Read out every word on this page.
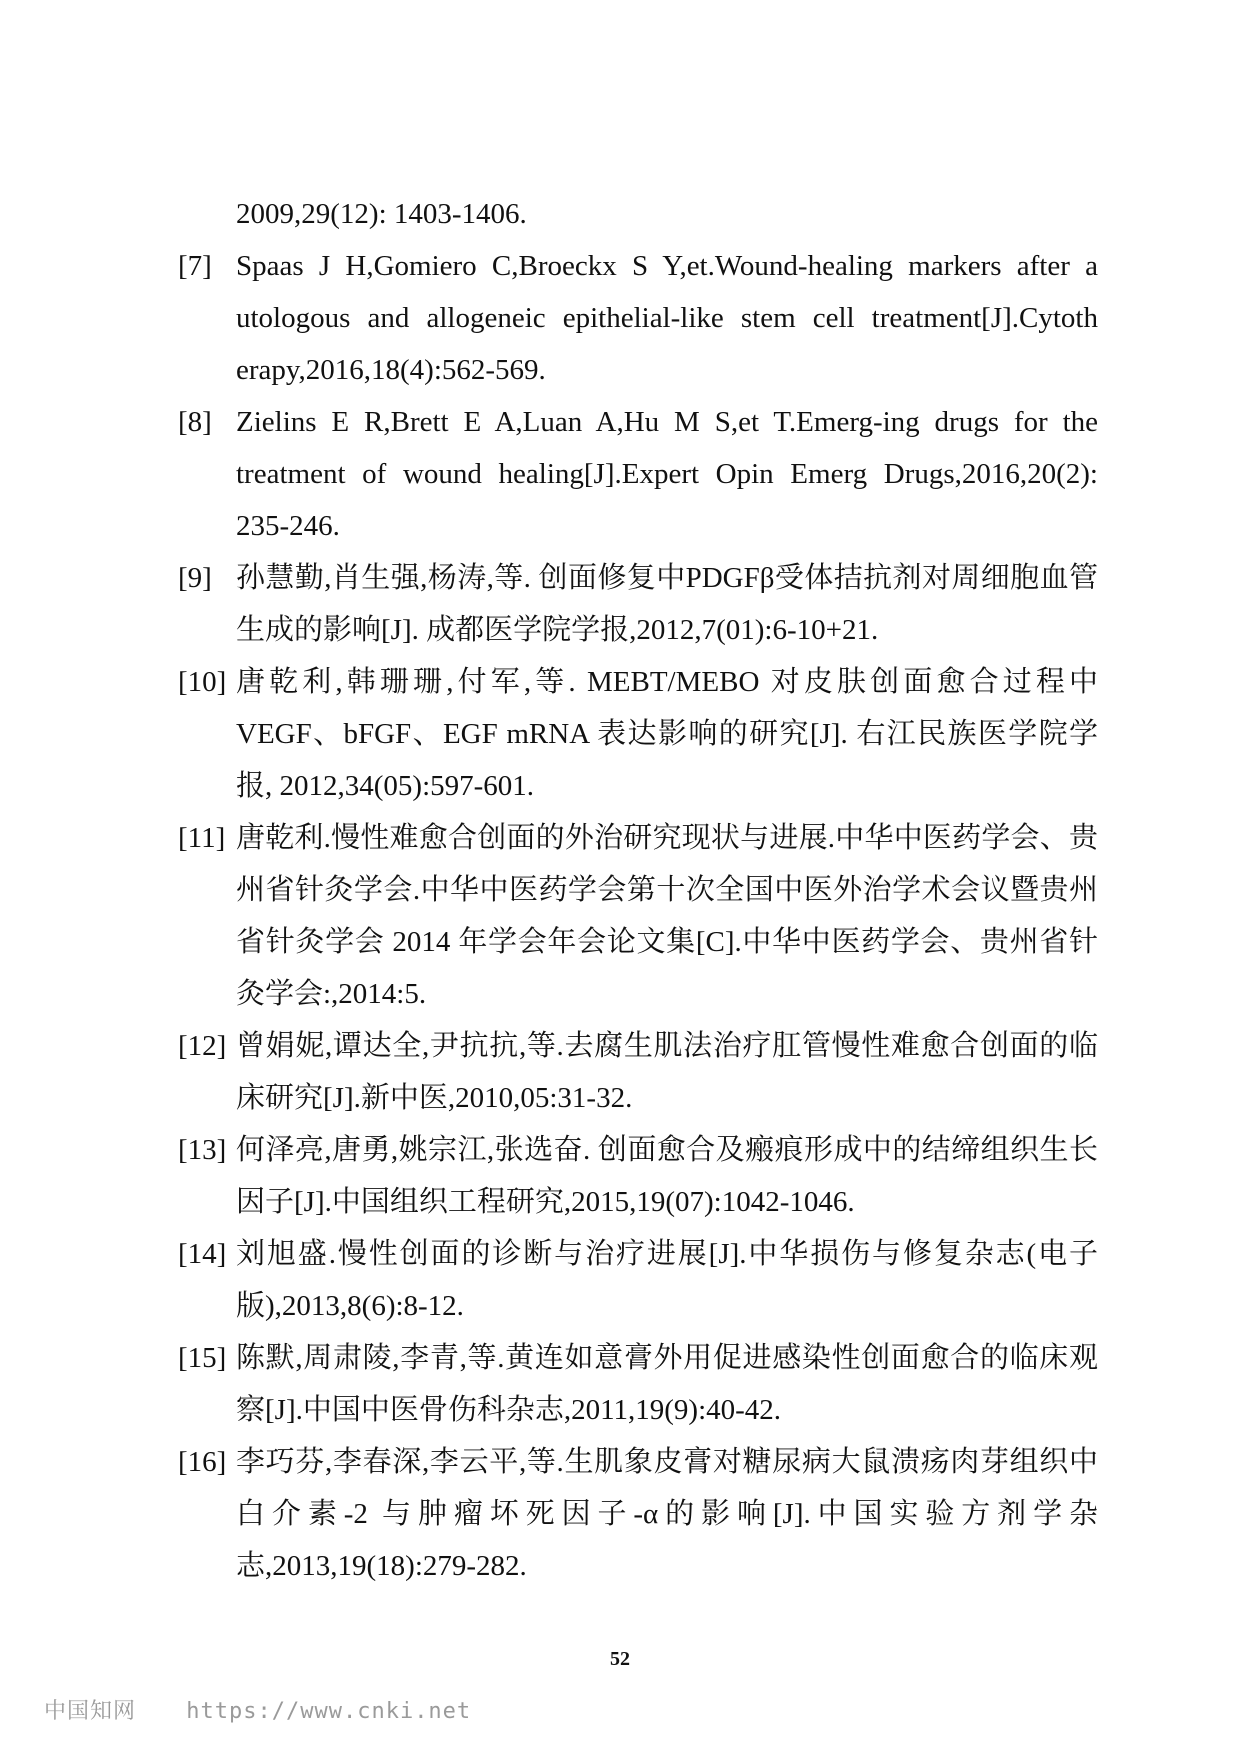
2009,29(12): 1403-1406.

[7] Spaas J H,Gomiero C,Broeckx S Y,et.Wound-healing markers after a utologous and allogeneic epithelial-like stem cell treatment[J].Cytoth erapy,2016,18(4):562-569.
[8] Zielins E R,Brett E A,Luan A,Hu M S,et T.Emerg-ing drugs for the treatment of wound healing[J].Expert Opin Emerg Drugs,2016,20(2): 235-246.
[9] 孙慧勤,肖生强,杨涛,等. 创面修复中PDGFβ受体拮抗剂对周细胞血管生成的影响[J]. 成都医学院学报,2012,7(01):6-10+21.
[10] 唐乾利,韩珊珊,付军,等. MEBT/MEBO 对皮肤创面愈合过程中 VEGF、bFGF、EGF mRNA 表达影响的研究[J]. 右江民族医学院学报, 2012,34(05):597-601.
[11] 唐乾利.慢性难愈合创面的外治研究现状与进展.中华中医药学会、贵州省针灸学会.中华中医药学会第十次全国中医外治学术会议暨贵州省针灸学会 2014 年学会年会论文集[C].中华中医药学会、贵州省针灸学会:,2014:5.
[12] 曾娟妮,谭达全,尹抗抗,等.去腐生肌法治疗肛管慢性难愈合创面的临床研究[J].新中医,2010,05:31-32.
[13] 何泽亮,唐勇,姚宗江,张选奋. 创面愈合及瘢痕形成中的结缔组织生长因子[J].中国组织工程研究,2015,19(07):1042-1046.
[14] 刘旭盛.慢性创面的诊断与治疗进展[J].中华损伤与修复杂志(电子版),2013,8(6):8-12.
[15] 陈默,周肃陵,李青,等.黄连如意膏外用促进感染性创面愈合的临床观察[J].中国中医骨伤科杂志,2011,19(9):40-42.
[16] 李巧芬,李春深,李云平,等.生肌象皮膏对糖尿病大鼠溃疡肉芽组织中白介素-2 与肿瘤坏死因子-α的影响[J].中国实验方剂学杂志,2013,19(18):279-282.
52
中国知网 https://www.cnki.net
